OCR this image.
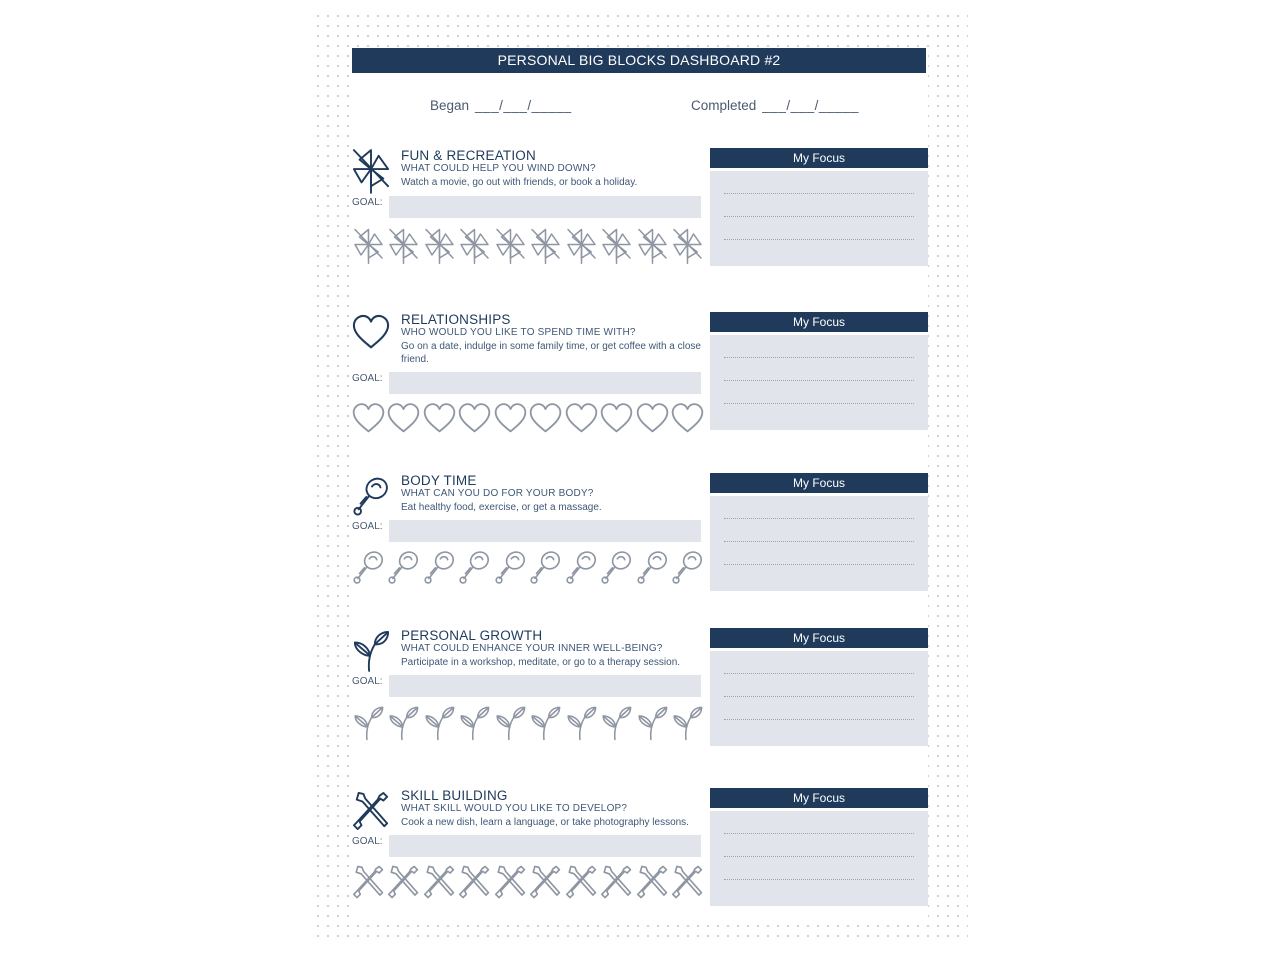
PERSONAL BIG BLOCKS DASHBOARD #2
Began ___/___/_____	Completed ___/___/_____
FUN & RECREATION
WHAT COULD HELP YOU WIND DOWN?
Watch a movie, go out with friends, or book a holiday.
GOAL:
My Focus
RELATIONSHIPS
WHO WOULD YOU LIKE TO SPEND TIME WITH?
Go on a date, indulge in some family time, or get coffee with a close friend.
GOAL:
My Focus
BODY TIME
WHAT CAN YOU DO FOR YOUR BODY?
Eat healthy food, exercise, or get a massage.
GOAL:
My Focus
PERSONAL GROWTH
WHAT COULD ENHANCE YOUR INNER WELL-BEING?
Participate in a workshop, meditate, or go to a therapy session.
GOAL:
My Focus
SKILL BUILDING
WHAT SKILL WOULD YOU LIKE TO DEVELOP?
Cook a new dish, learn a language, or take photography lessons.
GOAL:
My Focus
